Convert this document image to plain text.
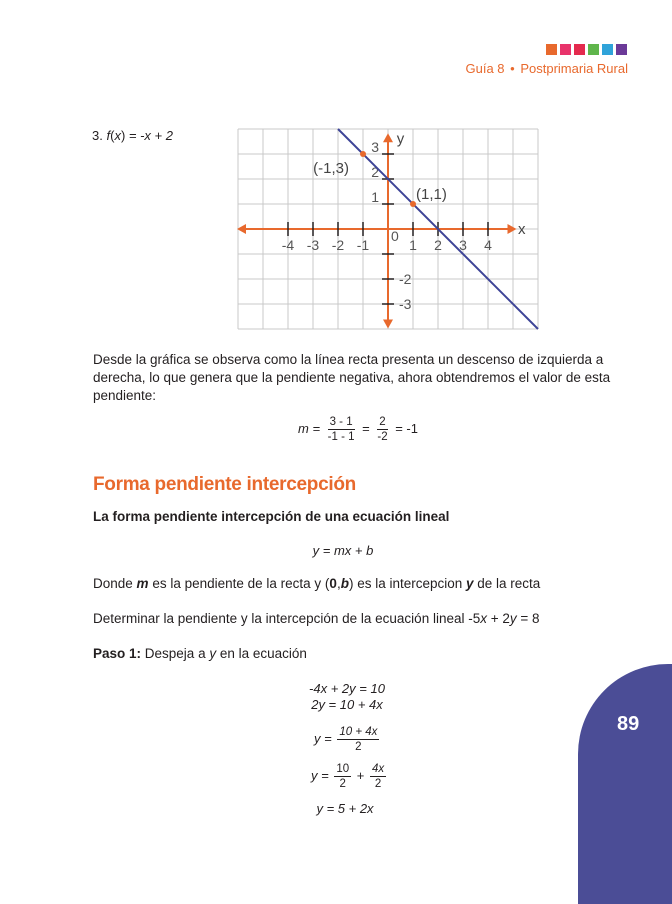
Guía 8 • Postprimaria Rural
3. f(x) = -x + 2
x
y
-4 -3 -2 -1	1 2 3 4
3
2
1
-2
-3
0
(-1,3)
(1,1)
Desde la gráfica se observa como la línea recta presenta un descenso de izquierda a derecha, lo que genera que la pendiente negativa, ahora obtendremos el valor de esta pendiente:
$m = \frac{3 - 1}{-1 - 1} = \frac{2}{-2} = -1$
Forma pendiente intercepción
La forma pendiente intercepción de una ecuación lineal
y = mx + b
Donde m es la pendiente de la recta y (0,b) es la intercepcion y de la recta
Determinar la pendiente y la intercepción de la ecuación lineal -5x + 2y = 8
Paso 1: Despeja a y en la ecuación
-4x + 2y = 10
2y = 10 + 4x
$y = \frac{10 + 4x}{2}$
$y = \frac{10}{2} + \frac{4x}{2}$
y = 5 + 2x
89
